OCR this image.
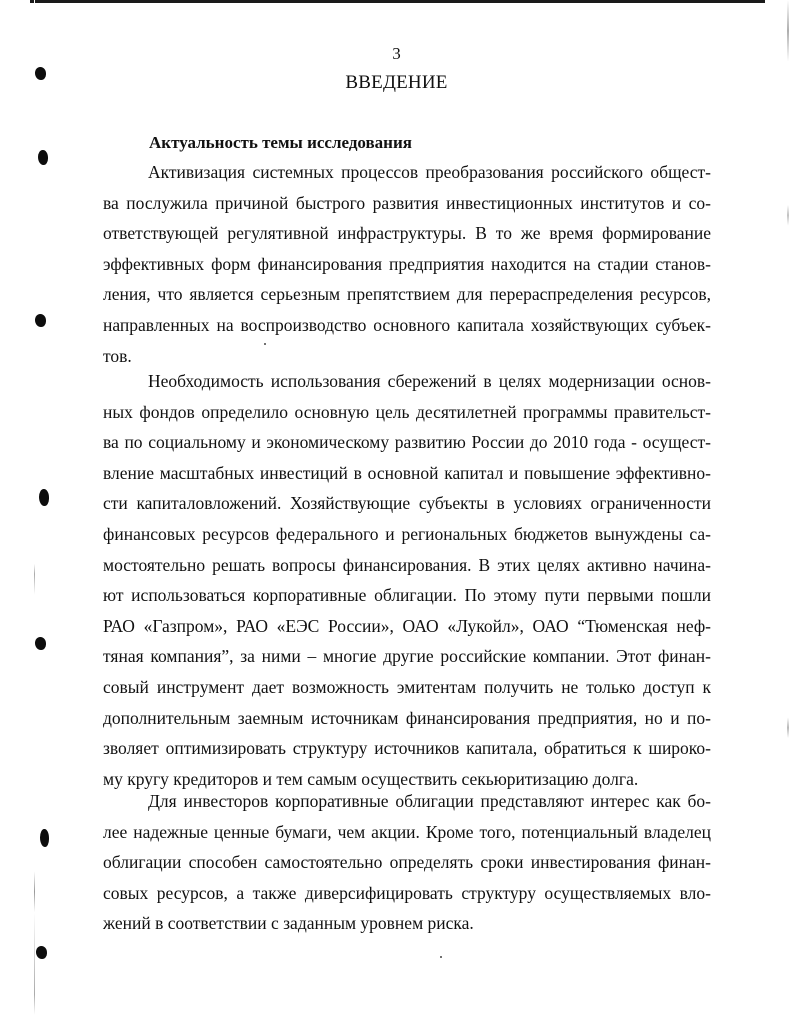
3
ВВЕДЕНИЕ
Актуальность темы исследования
Активизация системных процессов преобразования российского общест-
ва послужила причиной быстрого развития инвестиционных институтов и со-
ответствующей регулятивной инфраструктуры. В то же время формирование
эффективных форм финансирования предприятия находится на стадии станов-
ления, что является серьезным препятствием для перераспределения ресурсов,
направленных на воспроизводство основного капитала хозяйствующих субъек-
тов.
Необходимость использования сбережений в целях модернизации основ-
ных фондов определило основную цель десятилетней программы правительст-
ва по социальному и экономическому развитию России до 2010 года - осущест-
вление масштабных инвестиций в основной капитал и повышение эффективно-
сти капиталовложений. Хозяйствующие субъекты в условиях ограниченности
финансовых ресурсов федерального и региональных бюджетов вынуждены са-
мостоятельно решать вопросы финансирования. В этих целях активно начина-
ют использоваться корпоративные облигации. По этому пути первыми пошли
РАО «Газпром», РАО «ЕЭС России», ОАО «Лукойл», ОАО “Тюменская неф-
тяная компания”, за ними – многие другие российские компании. Этот финан-
совый инструмент дает возможность эмитентам получить не только доступ к
дополнительным заемным источникам финансирования предприятия, но и по-
зволяет оптимизировать структуру источников капитала, обратиться к широко-
му кругу кредиторов и тем самым осуществить секьюритизацию долга.
Для инвесторов корпоративные облигации представляют интерес как бо-
лее надежные ценные бумаги, чем акции. Кроме того, потенциальный владелец
облигации способен самостоятельно определять сроки инвестирования финан-
совых ресурсов, а также диверсифицировать структуру осуществляемых вло-
жений в соответствии с заданным уровнем риска.
